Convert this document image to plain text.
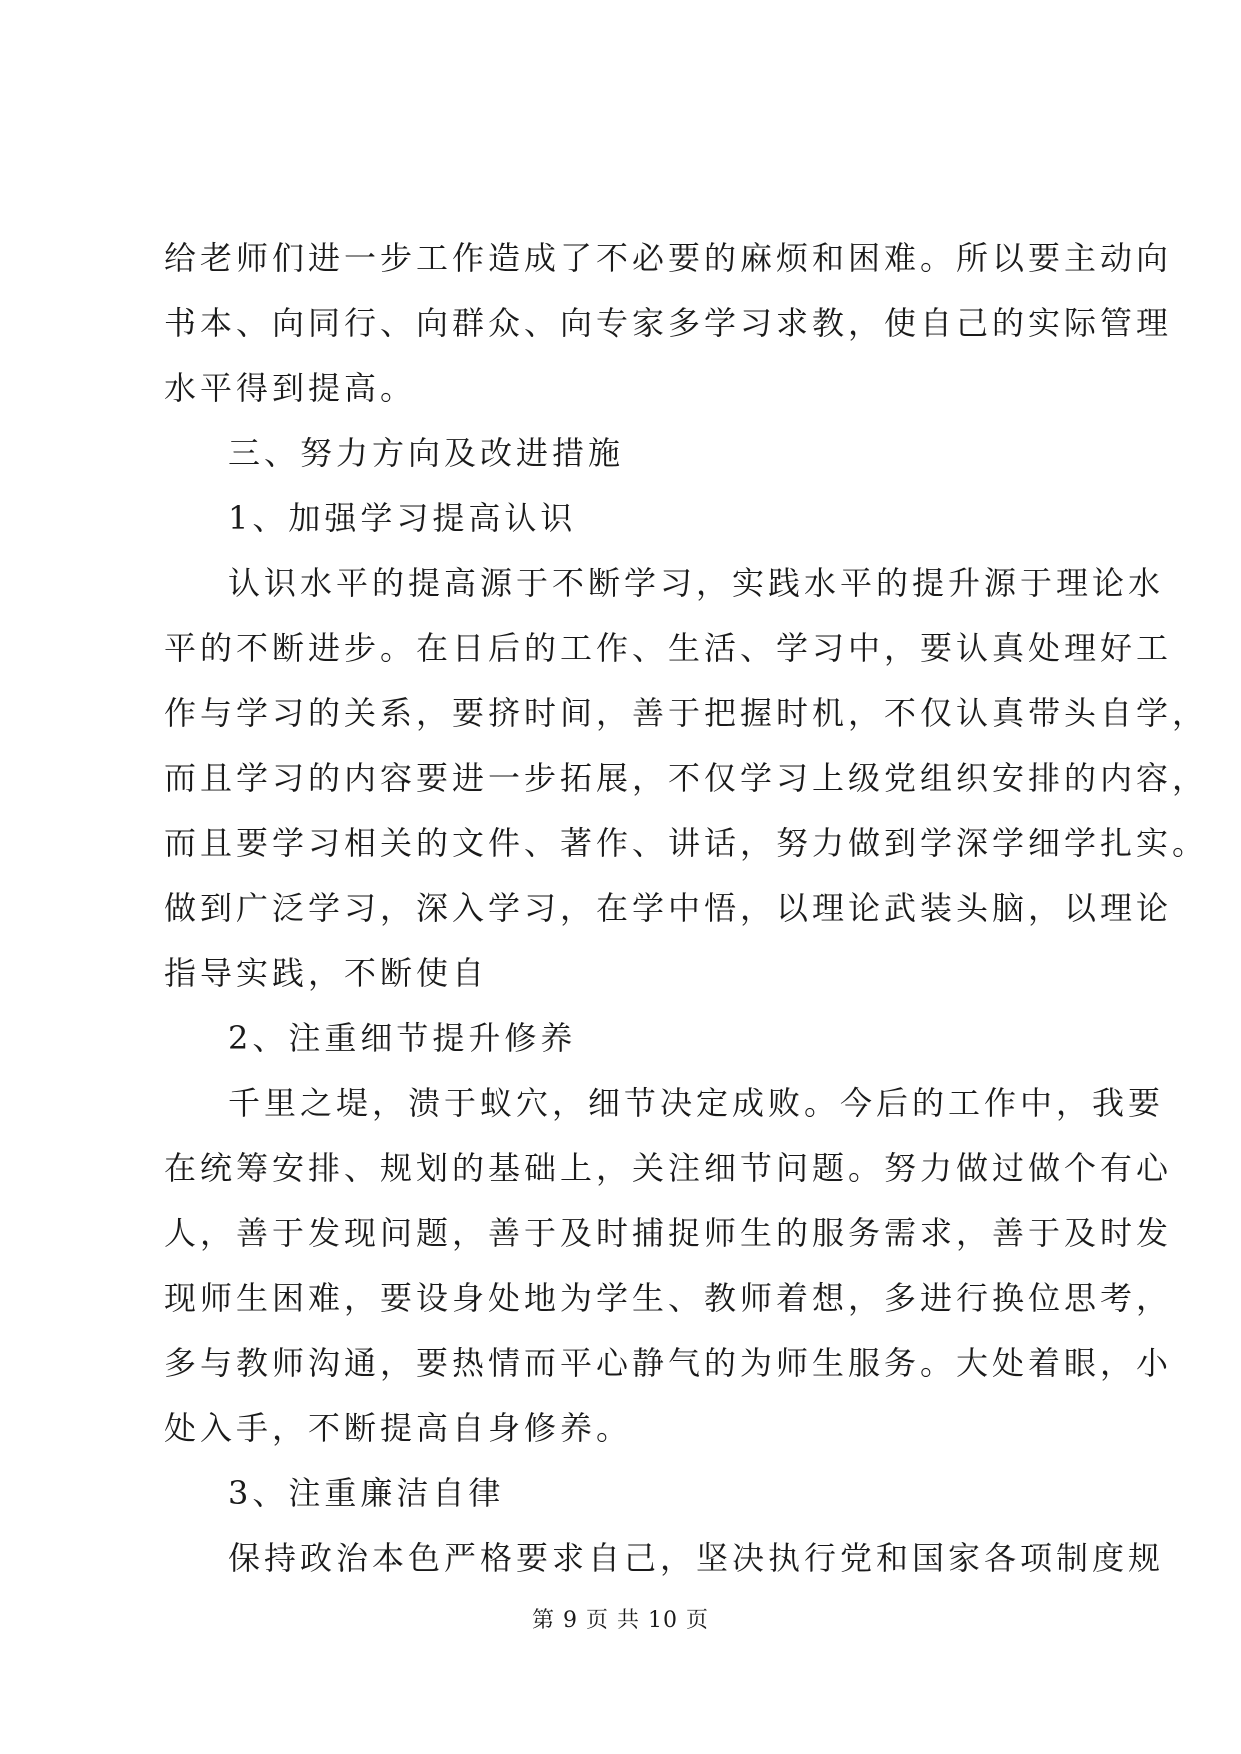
给老师们进一步工作造成了不必要的麻烦和困难。所以要主动向
书本、向同行、向群众、向专家多学习求教，使自己的实际管理
水平得到提高。
三、努力方向及改进措施
1、加强学习提高认识
认识水平的提高源于不断学习，实践水平的提升源于理论水
平的不断进步。在日后的工作、生活、学习中，要认真处理好工
作与学习的关系，要挤时间，善于把握时机，不仅认真带头自学，
而且学习的内容要进一步拓展，不仅学习上级党组织安排的内容，
而且要学习相关的文件、著作、讲话，努力做到学深学细学扎实。
做到广泛学习，深入学习，在学中悟，以理论武装头脑，以理论
指导实践，不断使自
2、注重细节提升修养
千里之堤，溃于蚁穴，细节决定成败。今后的工作中，我要
在统筹安排、规划的基础上，关注细节问题。努力做过做个有心
人，善于发现问题，善于及时捕捉师生的服务需求，善于及时发
现师生困难，要设身处地为学生、教师着想，多进行换位思考，
多与教师沟通，要热情而平心静气的为师生服务。大处着眼，小
处入手，不断提高自身修养。
3、注重廉洁自律
保持政治本色严格要求自己，坚决执行党和国家各项制度规
第 9 页 共 10 页
